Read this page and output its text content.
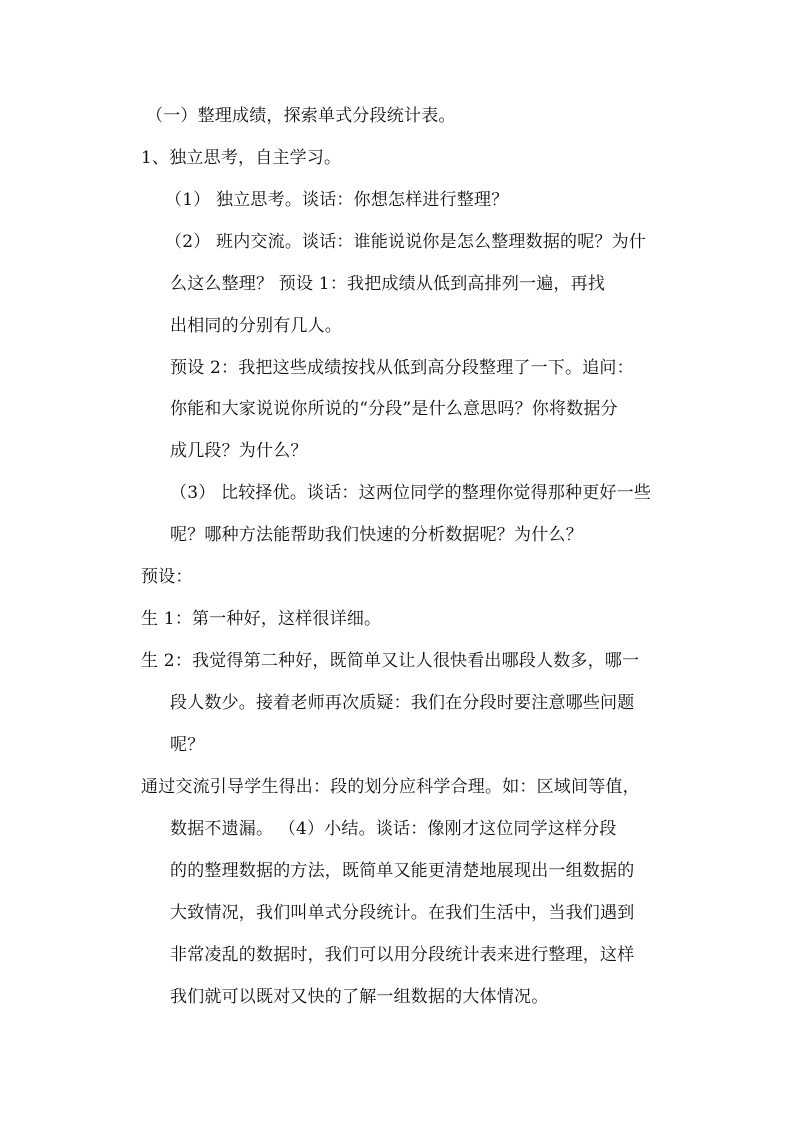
（一）整理成绩，探索单式分段统计表。
1、独立思考，自主学习。
（1） 独立思考。谈话：你想怎样进行整理？
（2） 班内交流。谈话：谁能说说你是怎么整理数据的呢？为什
么这么整理？ 预设 1：我把成绩从低到高排列一遍，再找
出相同的分别有几人。
预设 2：我把这些成绩按找从低到高分段整理了一下。追问：
你能和大家说说你所说的“分段”是什么意思吗？你将数据分
成几段？为什么？
（3） 比较择优。谈话：这两位同学的整理你觉得那种更好一些
呢？哪种方法能帮助我们快速的分析数据呢？为什么？
预设：
生 1：第一种好，这样很详细。
生 2：我觉得第二种好，既简单又让人很快看出哪段人数多，哪一
段人数少。接着老师再次质疑：我们在分段时要注意哪些问题
呢？
通过交流引导学生得出：段的划分应科学合理。如：区域间等值，
数据不遗漏。 （4）小结。谈话：像刚才这位同学这样分段
的的整理数据的方法，既简单又能更清楚地展现出一组数据的
大致情况，我们叫单式分段统计。在我们生活中，当我们遇到
非常凌乱的数据时，我们可以用分段统计表来进行整理，这样
我们就可以既对又快的了解一组数据的大体情况。
